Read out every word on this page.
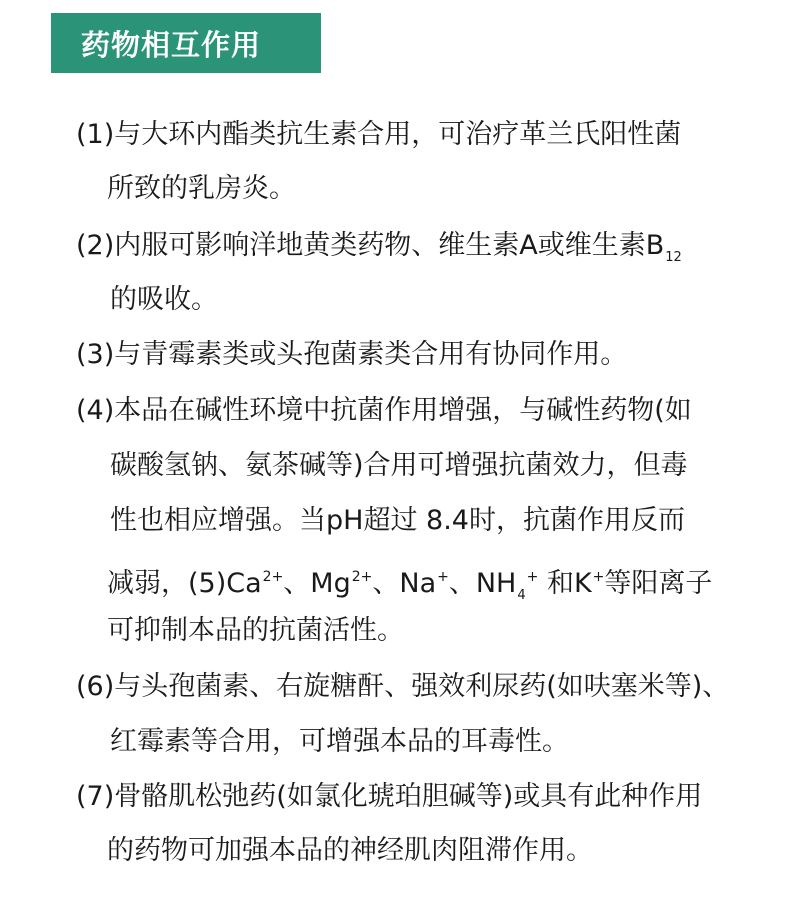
药物相互作用
(1)与大环内酯类抗生素合用，可治疗革兰氏阳性菌
所致的乳房炎。
(2)内服可影响洋地黄类药物、维生素A或维生素$B_{12}$
的吸收。
(3)与青霉素类或头孢菌素类合用有协同作用。
(4)本品在碱性环境中抗菌作用增强，与碱性药物(如
碳酸氢钠、氨茶碱等)合用可增强抗菌效力，但毒
性也相应增强。当pH超过 8.4时，抗菌作用反而
减弱，$(5)Ca^{2+}$、$Mg^{2+}$、Na+、$NH_4^+$ 和K+等阳离子
可抑制本品的抗菌活性。
(6)与头孢菌素、右旋糖酐、强效利尿药(如呋塞米等)、
红霉素等合用，可增强本品的耳毒性。
(7)骨骼肌松弛药(如氯化琥珀胆碱等)或具有此种作用
的药物可加强本品的神经肌肉阻滞作用。
